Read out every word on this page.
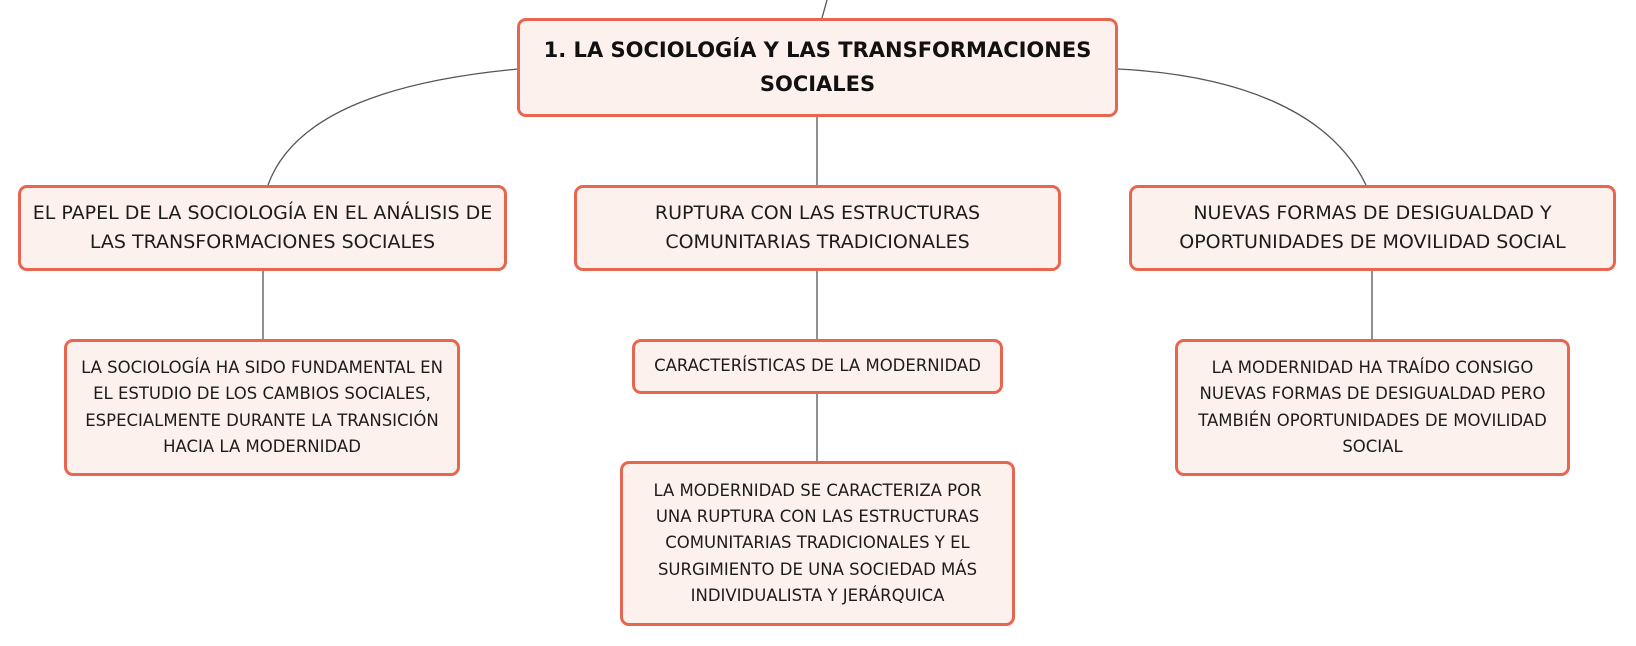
1. LA SOCIOLOGÍA Y LAS TRANSFORMACIONES SOCIALES
EL PAPEL DE LA SOCIOLOGÍA EN EL ANÁLISIS DE LAS TRANSFORMACIONES SOCIALES
RUPTURA CON LAS ESTRUCTURAS COMUNITARIAS TRADICIONALES
NUEVAS FORMAS DE DESIGUALDAD Y OPORTUNIDADES DE MOVILIDAD SOCIAL
LA SOCIOLOGÍA HA SIDO FUNDAMENTAL EN EL ESTUDIO DE LOS CAMBIOS SOCIALES, ESPECIALMENTE DURANTE LA TRANSICIÓN HACIA LA MODERNIDAD
CARACTERÍSTICAS DE LA MODERNIDAD
LA MODERNIDAD SE CARACTERIZA POR UNA RUPTURA CON LAS ESTRUCTURAS COMUNITARIAS TRADICIONALES Y EL SURGIMIENTO DE UNA SOCIEDAD MÁS INDIVIDUALISTA Y JERÁRQUICA
LA MODERNIDAD HA TRAÍDO CONSIGO NUEVAS FORMAS DE DESIGUALDAD PERO TAMBIÉN OPORTUNIDADES DE MOVILIDAD SOCIAL
